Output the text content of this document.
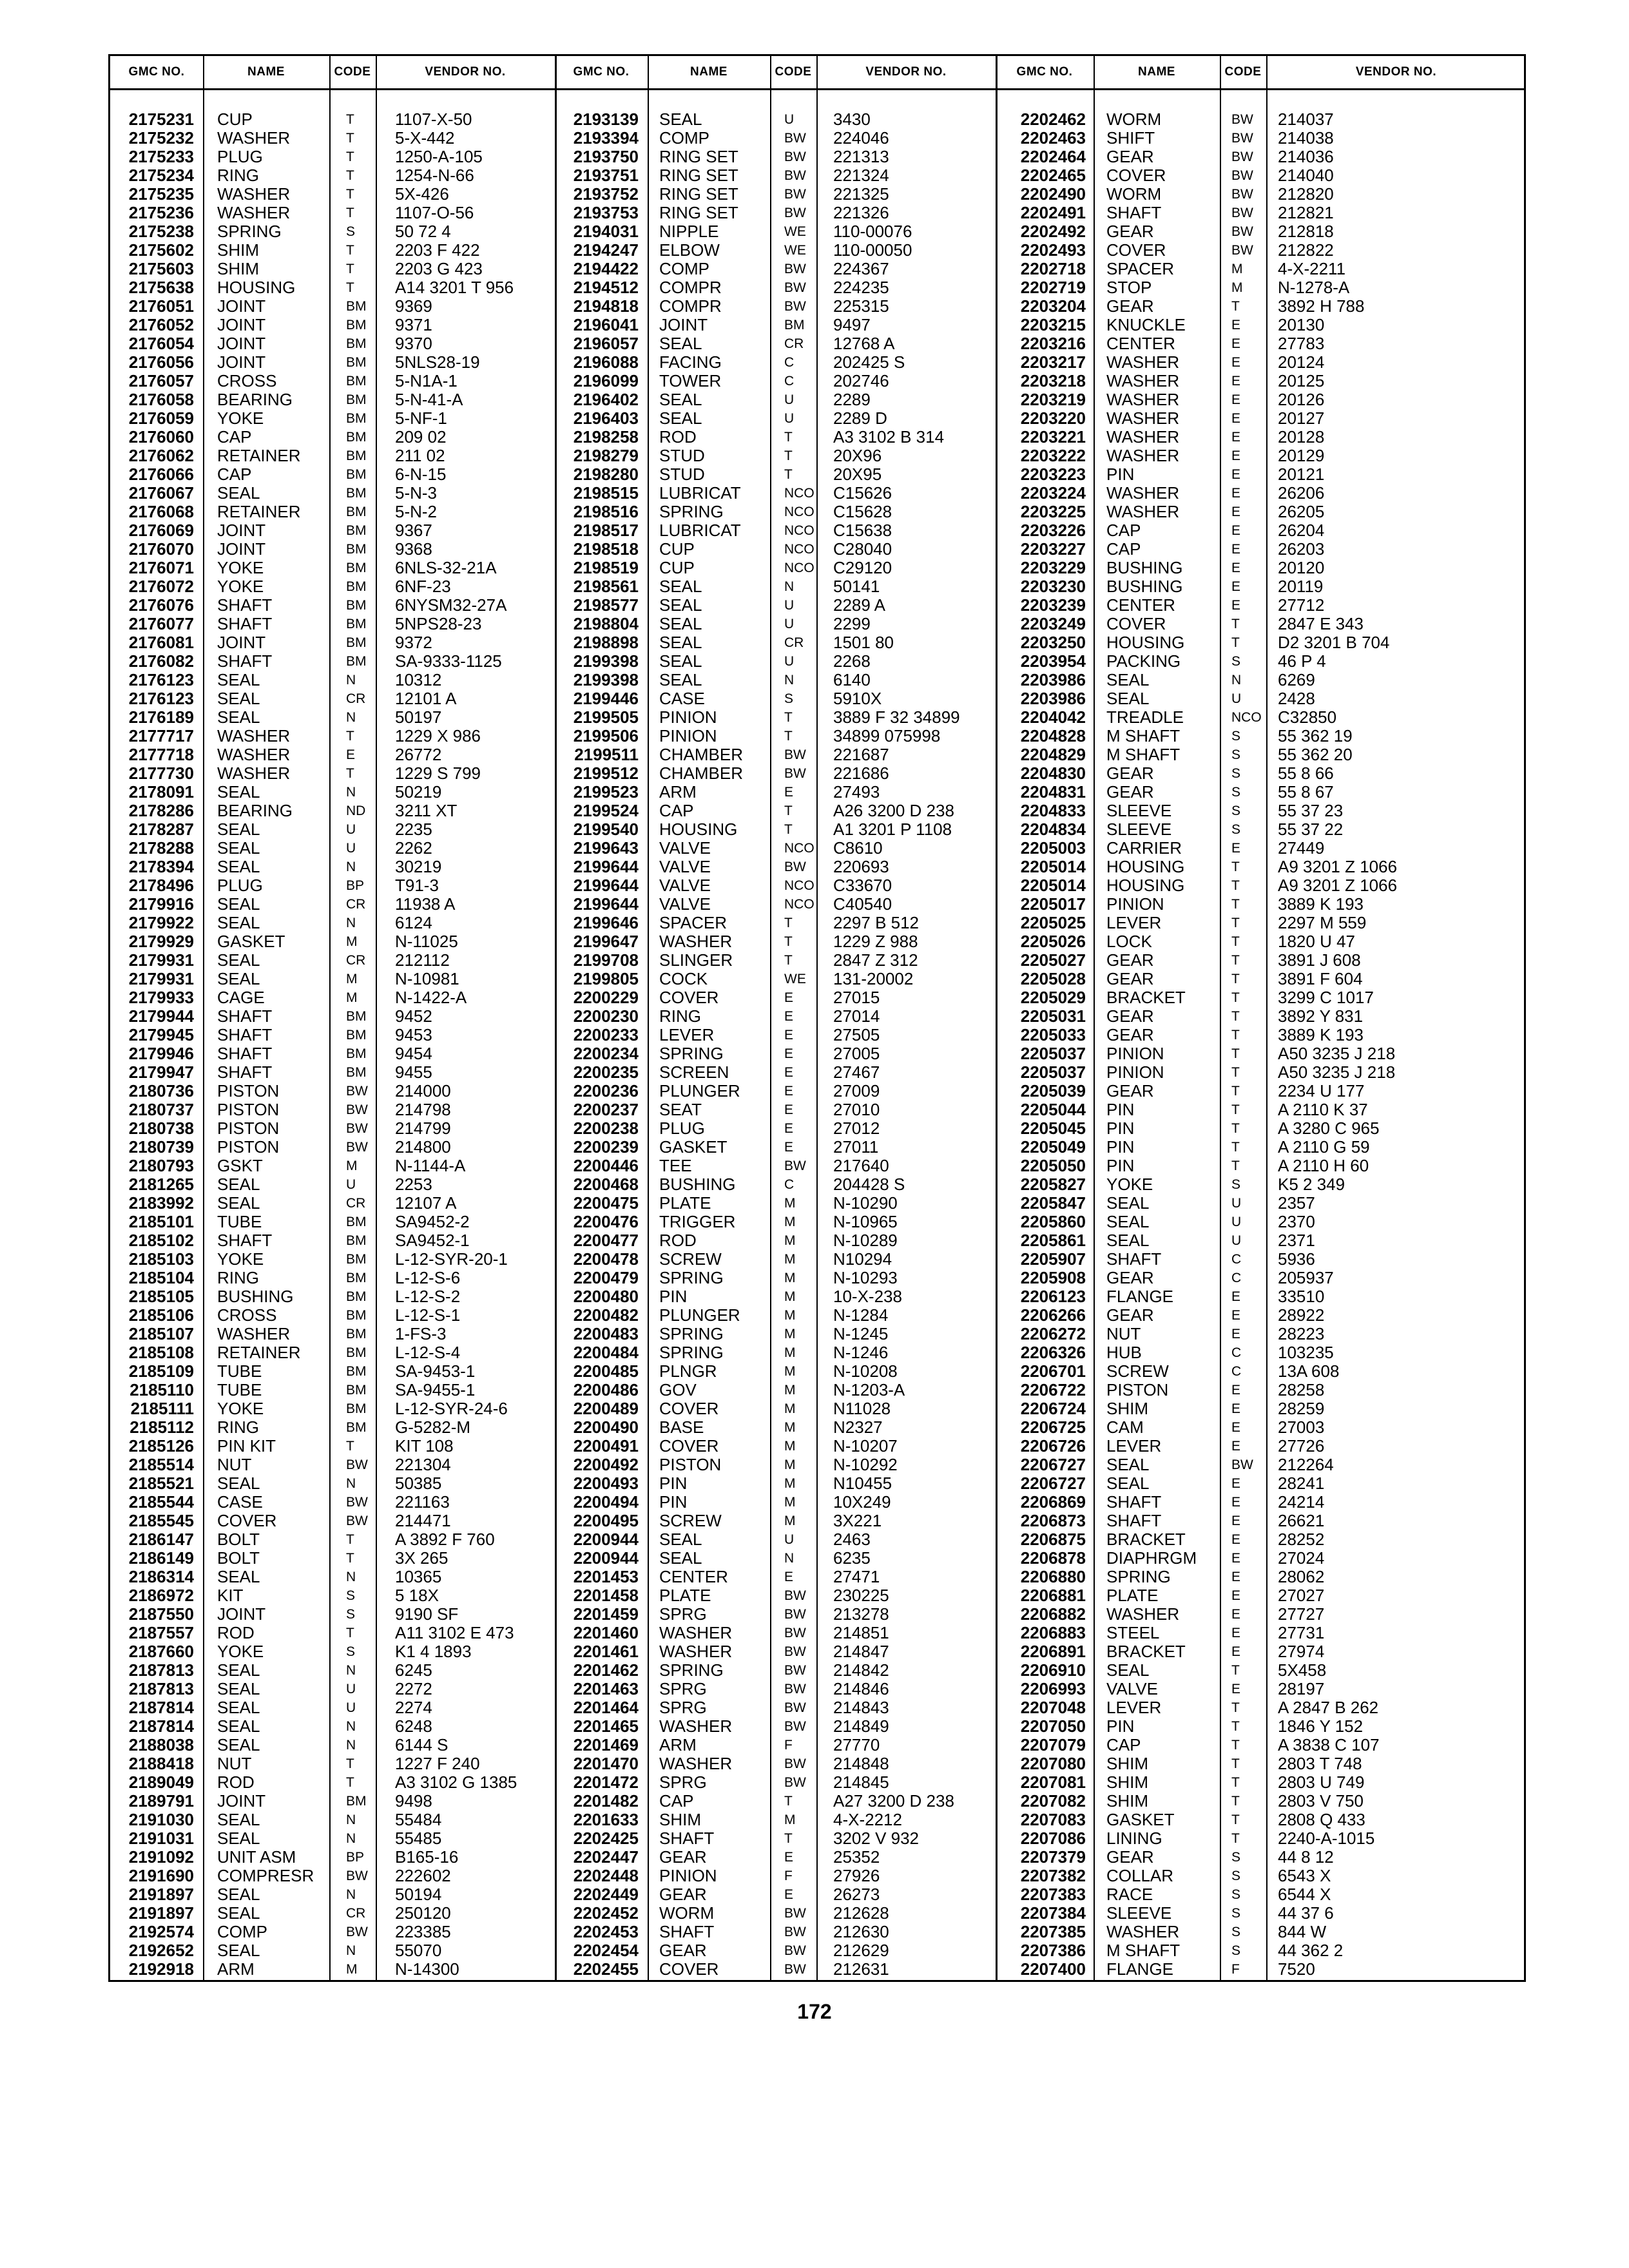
GMC NO.	NAME	CODE	VENDOR NO.	GMC NO.	NAME	CODE	VENDOR NO.	GMC NO.	NAME	CODE	VENDOR NO.
2175231 CUP	T 1107-X-50
2175232 WASHER	T 5-X-442
2175233 PLUG	T 1250-A-105
2175234 RING	T 1254-N-66
2175235 WASHER	T 5X-426
2175236 WASHER	T 1107-O-56
2175238 SPRING	S 50 72 4
2175602 SHIM	T 2203 F 422
2175603 SHIM	T 2203 G 423
2175638 HOUSING	T A14 3201 T 956
2176051 JOINT	BM 9369
2176052 JOINT	BM 9371
2176054 JOINT	BM 9370
2176056 JOINT	BM 5NLS28-19
2176057 CROSS	BM 5-N1A-1
2176058 BEARING	BM 5-N-41-A
2176059 YOKE	BM 5-NF-1
2176060 CAP	BM 209 02
2176062 RETAINER	BM 211 02
2176066 CAP	BM 6-N-15
2176067 SEAL	BM 5-N-3
2176068 RETAINER	BM 5-N-2
2176069 JOINT	BM 9367
2176070 JOINT	BM 9368
2176071 YOKE	BM 6NLS-32-21A
2176072 YOKE	BM 6NF-23
2176076 SHAFT	BM 6NYSM32-27A
2176077 SHAFT	BM 5NPS28-23
2176081 JOINT	BM 9372
2176082 SHAFT	BM SA-9333-1125
2176123 SEAL	N 10312
2176123 SEAL	CR 12101 A
2176189 SEAL	N 50197
2177717 WASHER	T 1229 X 986
2177718 WASHER	E 26772
2177730 WASHER	T 1229 S 799
2178091 SEAL	N 50219
2178286 BEARING	ND 3211 XT
2178287 SEAL	U 2235
2178288 SEAL	U 2262
2178394 SEAL	N 30219
2178496 PLUG	BP T91-3
2179916 SEAL	CR 11938 A
2179922 SEAL	N 6124
2179929 GASKET	M N-11025
2179931 SEAL	CR 212112
2179931 SEAL	M N-10981
2179933 CAGE	M N-1422-A
2179944 SHAFT	BM 9452
2179945 SHAFT	BM 9453
2179946 SHAFT	BM 9454
2179947 SHAFT	BM 9455
2180736 PISTON	BW 214000
2180737 PISTON	BW 214798
2180738 PISTON	BW 214799
2180739 PISTON	BW 214800
2180793 GSKT	M N-1144-A
2181265 SEAL	U 2253
2183992 SEAL	CR 12107 A
2185101 TUBE	BM SA9452-2
2185102 SHAFT	BM SA9452-1
2185103 YOKE	BM L-12-SYR-20-1
2185104 RING	BM L-12-S-6
2185105 BUSHING	BM L-12-S-2
2185106 CROSS	BM L-12-S-1
2185107 WASHER	BM 1-FS-3
2185108 RETAINER	BM L-12-S-4
2185109 TUBE	BM SA-9453-1
2185110 TUBE	BM SA-9455-1
2185111 YOKE	BM L-12-SYR-24-6
2185112 RING	BM G-5282-M
2185126 PIN KIT	T KIT 108
2185514 NUT	BW 221304
2185521 SEAL	N 50385
2185544 CASE	BW 221163
2185545 COVER	BW 214471
2186147 BOLT	T A 3892 F 760
2186149 BOLT	T 3X 265
2186314 SEAL	N 10365
2186972 KIT	S 5 18X
2187550 JOINT	S 9190 SF
2187557 ROD	T A11 3102 E 473
2187660 YOKE	S K1 4 1893
2187813 SEAL	N 6245
2187813 SEAL	U 2272
2187814 SEAL	U 2274
2187814 SEAL	N 6248
2188038 SEAL	N 6144 S
2188418 NUT	T 1227 F 240
2189049 ROD	T A3 3102 G 1385
2189791 JOINT	BM 9498
2191030 SEAL	N 55484
2191031 SEAL	N 55485
2191092 UNIT ASM	BP B165-16
2191690 COMPRESR BW 222602
2191897 SEAL	N 50194
2191897 SEAL	CR 250120
2192574 COMP	BW 223385
2192652 SEAL	N 55070
2192918 ARM	M N-14300
2193139 SEAL	U 3430
2193394 COMP	BW 224046
2193750 RING SET	BW 221313
2193751 RING SET	BW 221324
2193752 RING SET	BW 221325
2193753 RING SET	BW 221326
2194031 NIPPLE	WE 110-00076
2194247 ELBOW	WE 110-00050
2194422 COMP	BW 224367
2194512 COMPR	BW 224235
2194818 COMPR	BW 225315
2196041 JOINT	BM 9497
2196057 SEAL	CR 12768 A
2196088 FACING	C 202425 S
2196099 TOWER	C 202746
2196402 SEAL	U 2289
2196403 SEAL	U 2289 D
2198258 ROD	T A3 3102 B 314
2198279 STUD	T 20X96
2198280 STUD	T 20X95
2198515 LUBRICAT	NCO C15626
2198516 SPRING	NCO C15628
2198517 LUBRICAT	NCO C15638
2198518 CUP	NCO C28040
2198519 CUP	NCO C29120
2198561 SEAL	N 50141
2198577 SEAL	U 2289 A
2198804 SEAL	U 2299
2198898 SEAL	CR 1501 80
2199398 SEAL	U 2268
2199398 SEAL	N 6140
2199446 CASE	S 5910X
2199505 PINION	T 3889 F 32 34899
2199506 PINION	T 34899 075998
2199511 CHAMBER	BW 221687
2199512 CHAMBER	BW 221686
2199523 ARM	E 27493
2199524 CAP	T A26 3200 D 238
2199540 HOUSING	T A1 3201 P 1108
2199643 VALVE	NCO C8610
2199644 VALVE	BW 220693
2199644 VALVE	NCO C33670
2199644 VALVE	NCO C40540
2199646 SPACER	T 2297 B 512
2199647 WASHER	T 1229 Z 988
2199708 SLINGER	T 2847 Z 312
2199805 COCK	WE 131-20002
2200229 COVER	E 27015
2200230 RING	E 27014
2200233 LEVER	E 27505
2200234 SPRING	E 27005
2200235 SCREEN	E 27467
2200236 PLUNGER	E 27009
2200237 SEAT	E 27010
2200238 PLUG	E 27012
2200239 GASKET	E 27011
2200446 TEE	BW 217640
2200468 BUSHING	C 204428 S
2200475 PLATE	M N-10290
2200476 TRIGGER	M N-10965
2200477 ROD	M N-10289
2200478 SCREW	M N10294
2200479 SPRING	M N-10293
2200480 PIN	M 10-X-238
2200482 PLUNGER	M N-1284
2200483 SPRING	M N-1245
2200484 SPRING	M N-1246
2200485 PLNGR	M N-10208
2200486 GOV	M N-1203-A
2200489 COVER	M N11028
2200490 BASE	M N2327
2200491 COVER	M N-10207
2200492 PISTON	M N-10292
2200493 PIN	M N10455
2200494 PIN	M 10X249
2200495 SCREW	M 3X221
2200944 SEAL	U 2463
2200944 SEAL	N 6235
2201453 CENTER	E 27471
2201458 PLATE	BW 230225
2201459 SPRG	BW 213278
2201460 WASHER	BW 214851
2201461 WASHER	BW 214847
2201462 SPRING	BW 214842
2201463 SPRG	BW 214846
2201464 SPRG	BW 214843
2201465 WASHER	BW 214849
2201469 ARM	F 27770
2201470 WASHER	BW 214848
2201472 SPRG	BW 214845
2201482 CAP	T A27 3200 D 238
2201633 SHIM	M 4-X-2212
2202425 SHAFT	T 3202 V 932
2202447 GEAR	E 25352
2202448 PINION	F 27926
2202449 GEAR	E 26273
2202452 WORM	BW 212628
2202453 SHAFT	BW 212630
2202454 GEAR	BW 212629
2202455 COVER	BW 212631
2202462 WORM	BW 214037
2202463 SHIFT	BW 214038
2202464 GEAR	BW 214036
2202465 COVER	BW 214040
2202490 WORM	BW 212820
2202491 SHAFT	BW 212821
2202492 GEAR	BW 212818
2202493 COVER	BW 212822
2202718 SPACER	M 4-X-2211
2202719 STOP	M N-1278-A
2203204 GEAR	T 3892 H 788
2203215 KNUCKLE	E 20130
2203216 CENTER	E 27783
2203217 WASHER	E 20124
2203218 WASHER	E 20125
2203219 WASHER	E 20126
2203220 WASHER	E 20127
2203221 WASHER	E 20128
2203222 WASHER	E 20129
2203223 PIN	E 20121
2203224 WASHER	E 26206
2203225 WASHER	E 26205
2203226 CAP	E 26204
2203227 CAP	E 26203
2203229 BUSHING	E 20120
2203230 BUSHING	E 20119
2203239 CENTER	E 27712
2203249 COVER	T 2847 E 343
2203250 HOUSING	T D2 3201 B 704
2203954 PACKING	S 46 P 4
2203986 SEAL	N 6269
2203986 SEAL	U 2428
2204042 TREADLE	NCO C32850
2204828 M SHAFT	S 55 362 19
2204829 M SHAFT	S 55 362 20
2204830 GEAR	S 55 8 66
2204831 GEAR	S 55 8 67
2204833 SLEEVE	S 55 37 23
2204834 SLEEVE	S 55 37 22
2205003 CARRIER	E 27449
2205014 HOUSING	T A9 3201 Z 1066
2205014 HOUSING	T A9 3201 Z 1066
2205017 PINION	T 3889 K 193
2205025 LEVER	T 2297 M 559
2205026 LOCK	T 1820 U 47
2205027 GEAR	T 3891 J 608
2205028 GEAR	T 3891 F 604
2205029 BRACKET	T 3299 C 1017
2205031 GEAR	T 3892 Y 831
2205033 GEAR	T 3889 K 193
2205037 PINION	T A50 3235 J 218
2205037 PINION	T A50 3235 J 218
2205039 GEAR	T 2234 U 177
2205044 PIN	T A 2110 K 37
2205045 PIN	T A 3280 C 965
2205049 PIN	T A 2110 G 59
2205050 PIN	T A 2110 H 60
2205827 YOKE	S K5 2 349
2205847 SEAL	U 2357
2205860 SEAL	U 2370
2205861 SEAL	U 2371
2205907 SHAFT	C 5936
2205908 GEAR	C 205937
2206123 FLANGE	E 33510
2206266 GEAR	E 28922
2206272 NUT	E 28223
2206326 HUB	C 103235
2206701 SCREW	C 13A 608
2206722 PISTON	E 28258
2206724 SHIM	E 28259
2206725 CAM	E 27003
2206726 LEVER	E 27726
2206727 SEAL	BW 212264
2206727 SEAL	E 28241
2206869 SHAFT	E 24214
2206873 SHAFT	E 26621
2206875 BRACKET	E 28252
2206878 DIAPHRGM	E 27024
2206880 SPRING	E 28062
2206881 PLATE	E 27027
2206882 WASHER	E 27727
2206883 STEEL	E 27731
2206891 BRACKET	E 27974
2206910 SEAL	T 5X458
2206993 VALVE	E 28197
2207048 LEVER	T A 2847 B 262
2207050 PIN	T 1846 Y 152
2207079 CAP	T A 3838 C 107
2207080 SHIM	T 2803 T 748
2207081 SHIM	T 2803 U 749
2207082 SHIM	T 2803 V 750
2207083 GASKET	T 2808 Q 433
2207086 LINING	T 2240-A-1015
2207379 GEAR	S 44 8 12
2207382 COLLAR	S 6543 X
2207383 RACE	S 6544 X
2207384 SLEEVE	S 44 37 6
2207385 WASHER	S 844 W
2207386 M SHAFT	S 44 362 2
2207400 FLANGE	F 7520
172
